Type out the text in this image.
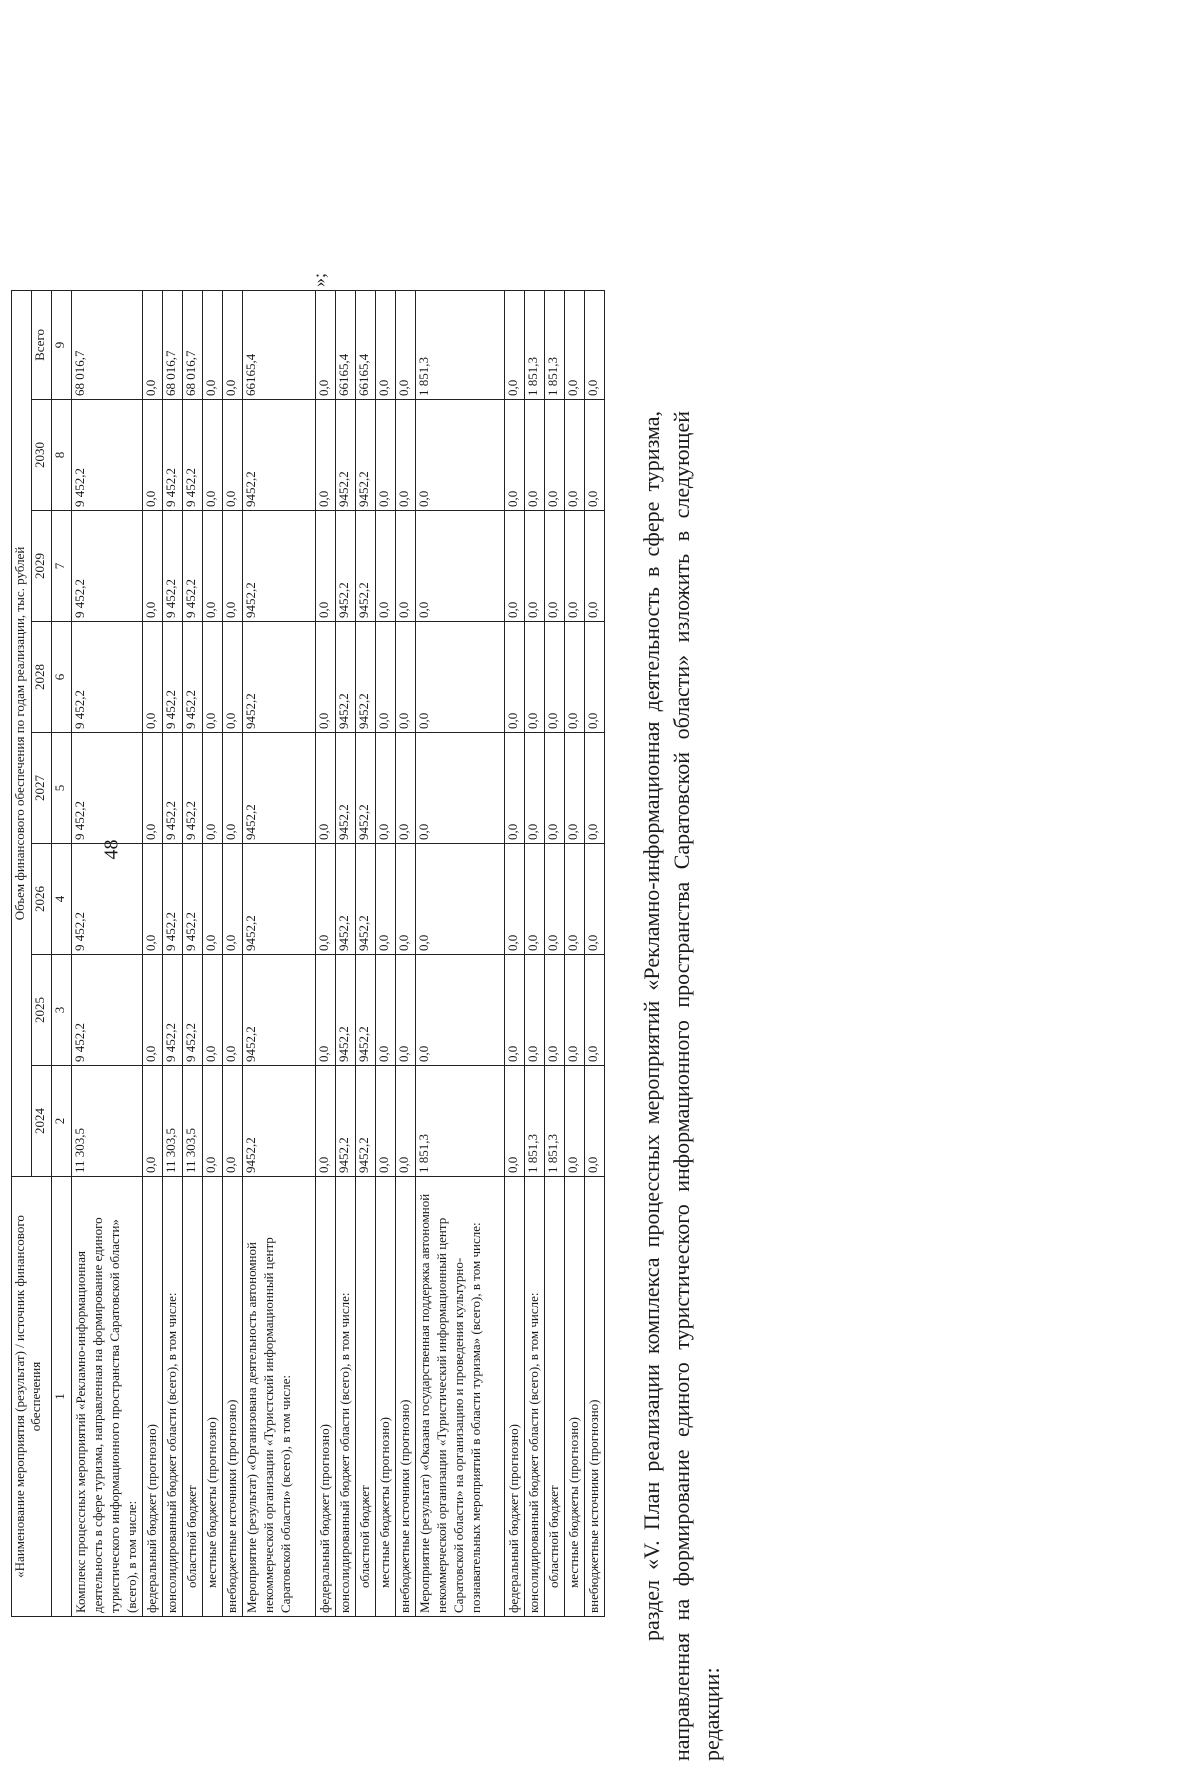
48
«Наименование мероприятия (результат) / источник финансового обеспечения	Объем финансового обеспечения по годам реализации, тыс. рублей							
	2024	2025	2026	2027	2028	2029	2030	Всего
1	2	3	4	5	6	7	8	9
Комплекс процессных мероприятий «Рекламно-информационная деятельность в сфере туризма, направленная на формирование единого туристического информационного пространства Саратовской области» (всего), в том числе:	11 303,5	9 452,2	9 452,2	9 452,2	9 452,2	9 452,2	9 452,2	68 016,7
федеральный бюджет (прогнозно)	0,0	0,0	0,0	0,0	0,0	0,0	0,0	0,0
консолидированный бюджет области (всего), в том числе:	11 303,5	9 452,2	9 452,2	9 452,2	9 452,2	9 452,2	9 452,2	68 016,7
областной бюджет	11 303,5	9 452,2	9 452,2	9 452,2	9 452,2	9 452,2	9 452,2	68 016,7
местные бюджеты (прогнозно)	0,0	0,0	0,0	0,0	0,0	0,0	0,0	0,0
внебюджетные источники (прогнозно)	0,0	0,0	0,0	0,0	0,0	0,0	0,0	0,0
Мероприятие (результат) «Организована деятельность автономной некоммерческой организации «Туристский информационный центр Саратовской области» (всего), в том числе:	9452,2	9452,2	9452,2	9452,2	9452,2	9452,2	9452,2	66165,4
федеральный бюджет (прогнозно)	0,0	0,0	0,0	0,0	0,0	0,0	0,0	0,0
консолидированный бюджет области (всего), в том числе:	9452,2	9452,2	9452,2	9452,2	9452,2	9452,2	9452,2	66165,4
областной бюджет	9452,2	9452,2	9452,2	9452,2	9452,2	9452,2	9452,2	66165,4
местные бюджеты (прогнозно)	0,0	0,0	0,0	0,0	0,0	0,0	0,0	0,0
внебюджетные источники (прогнозно)	0,0	0,0	0,0	0,0	0,0	0,0	0,0	0,0
Мероприятие (результат) «Оказана государственная поддержка автономной некоммерческой организации «Туристический информационный центр Саратовской области» на организацию и проведения культурно-познавательных мероприятий в области туризма» (всего), в том числе:	1 851,3	0,0	0,0	0,0	0,0	0,0	0,0	1 851,3
федеральный бюджет (прогнозно)	0,0	0,0	0,0	0,0	0,0	0,0	0,0	0,0
консолидированный бюджет области (всего), в том числе:	1 851,3	0,0	0,0	0,0	0,0	0,0	0,0	1 851,3
областной бюджет	1 851,3	0,0	0,0	0,0	0,0	0,0	0,0	1 851,3
местные бюджеты (прогнозно)	0,0	0,0	0,0	0,0	0,0	0,0	0,0	0,0
внебюджетные источники (прогнозно)	0,0	0,0	0,0	0,0	0,0	0,0	0,0	0,0
»;

раздел «V. План реализации комплекса процессных мероприятий «Рекламно-информационная деятельность в сфере туризма, направленная на формирование единого туристического информационного пространства Саратовской области» изложить в следующей редакции:
